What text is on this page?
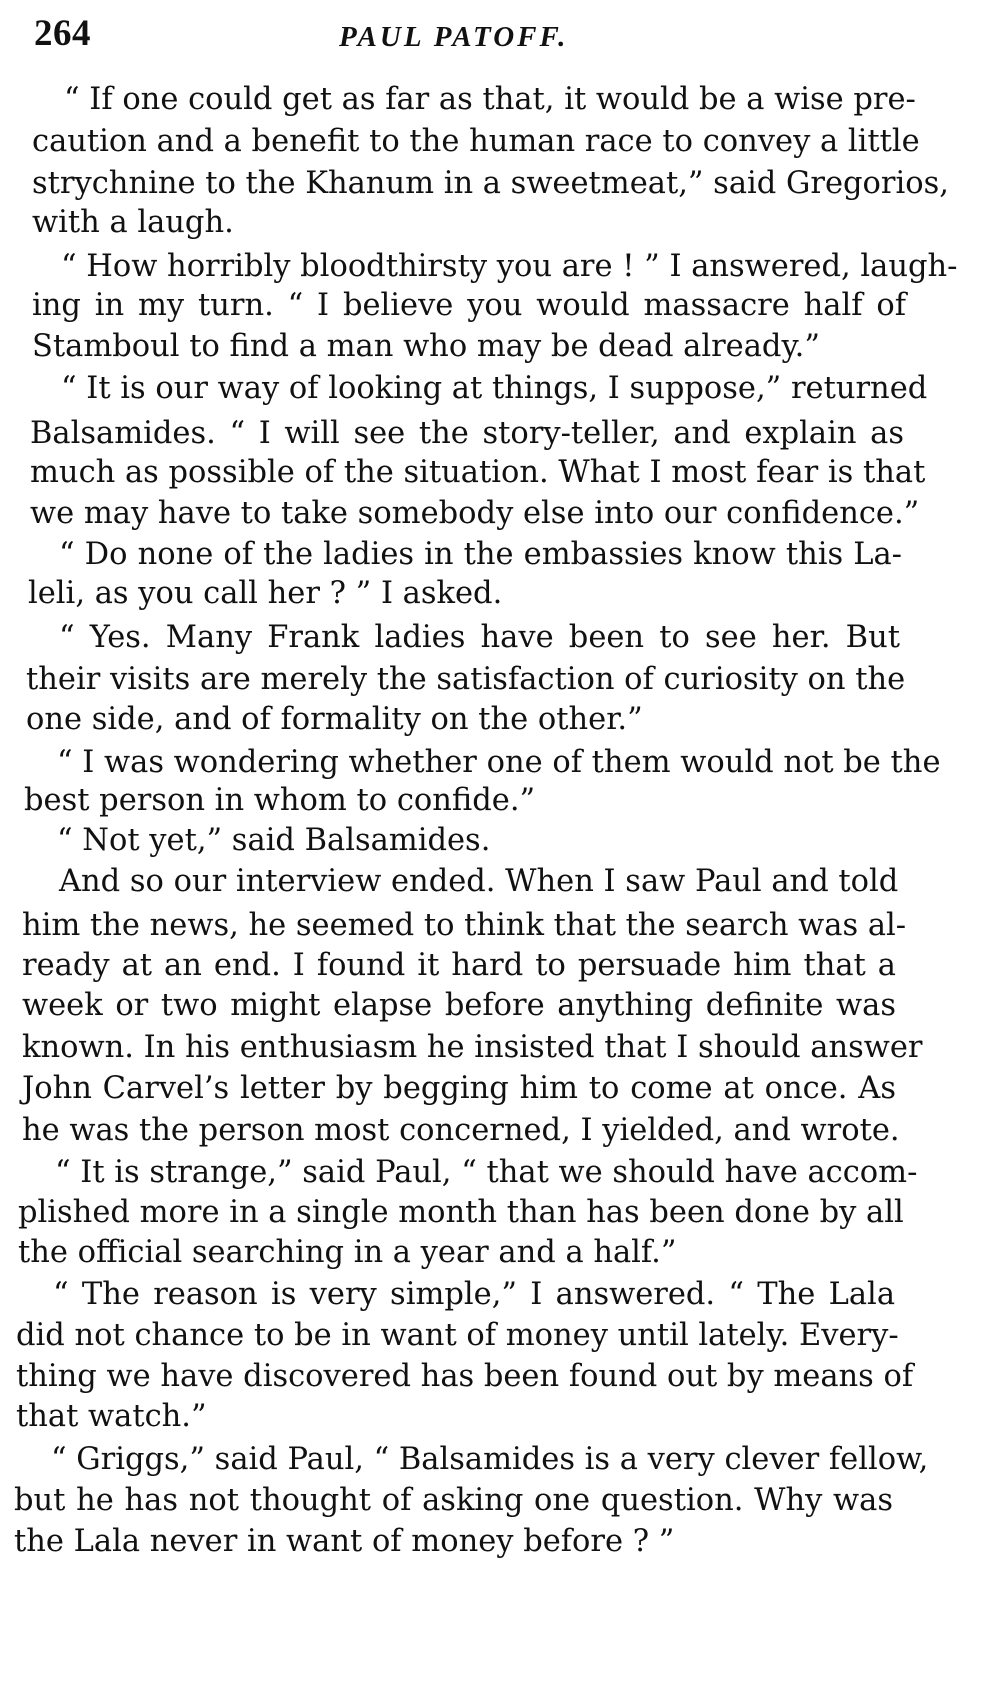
264	PAUL PATOFF.
“ If one could get as far as that, it would be a wise pre-
caution and a benefit to the human race to convey a little
strychnine to the Khanum in a sweetmeat,” said Gregorios,
with a laugh.
“ How horribly bloodthirsty you are ! ” I answered, laugh-
ing in my turn. “ I believe you would massacre half of
Stamboul to find a man who may be dead already.”
“ It is our way of looking at things, I suppose,” returned
Balsamides. “ I will see the story-teller, and explain as
much as possible of the situation. What I most fear is that
we may have to take somebody else into our confidence.”
“ Do none of the ladies in the embassies know this La-
leli, as you call her ? ” I asked.
“ Yes. Many Frank ladies have been to see her. But
their visits are merely the satisfaction of curiosity on the
one side, and of formality on the other.”
“ I was wondering whether one of them would not be the
best person in whom to confide.”
“ Not yet,” said Balsamides.
And so our interview ended. When I saw Paul and told
him the news, he seemed to think that the search was al-
ready at an end. I found it hard to persuade him that a
week or two might elapse before anything definite was
known. In his enthusiasm he insisted that I should answer
John Carvel’s letter by begging him to come at once. As
he was the person most concerned, I yielded, and wrote.
“ It is strange,” said Paul, “ that we should have accom-
plished more in a single month than has been done by all
the official searching in a year and a half.”
“ The reason is very simple,” I answered. “ The Lala
did not chance to be in want of money until lately. Every-
thing we have discovered has been found out by means of
that watch.”
“ Griggs,” said Paul, “ Balsamides is a very clever fellow,
but he has not thought of asking one question. Why was
the Lala never in want of money before ? ”
